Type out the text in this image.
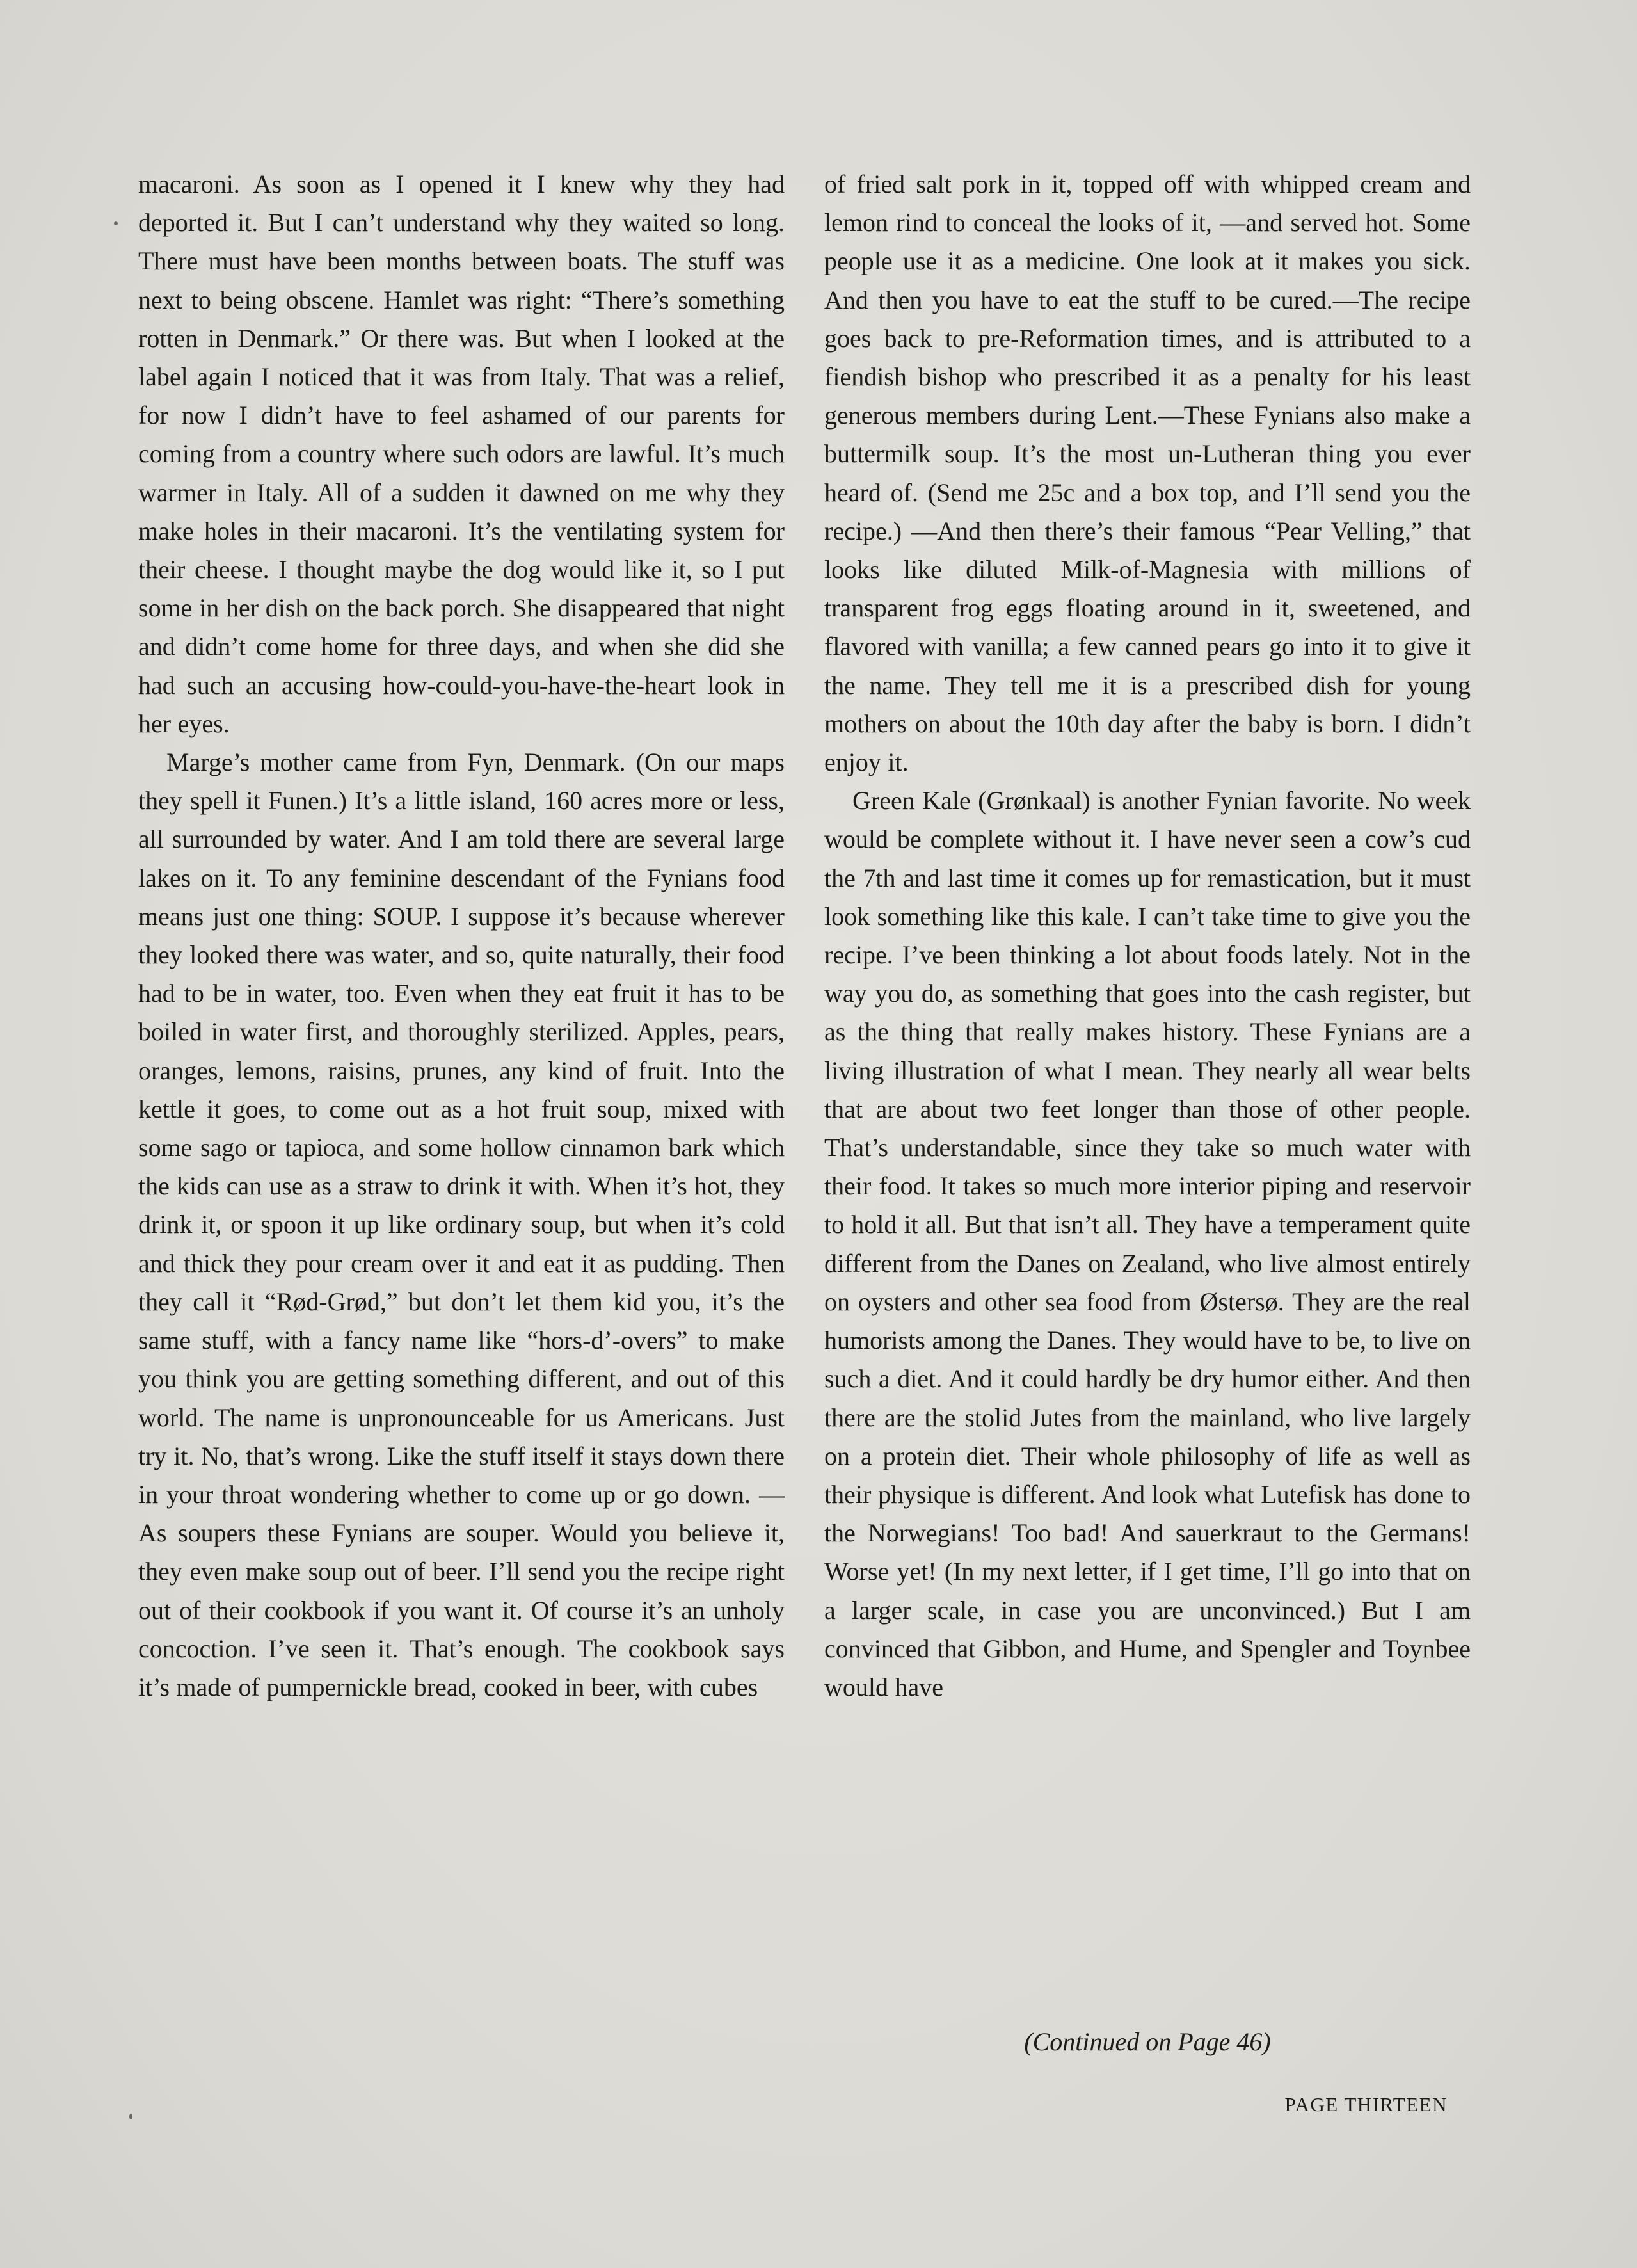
macaroni. As soon as I opened it I knew why they had deported it. But I can’t understand why they waited so long. There must have been months between boats. The stuff was next to being obscene. Hamlet was right: “There’s something rotten in Denmark.” Or there was. But when I looked at the label again I noticed that it was from Italy. That was a relief, for now I didn’t have to feel ashamed of our parents for coming from a country where such odors are lawful. It’s much warmer in Italy. All of a sudden it dawned on me why they make holes in their macaroni. It’s the ventilating system for their cheese. I thought maybe the dog would like it, so I put some in her dish on the back porch. She disappeared that night and didn’t come home for three days, and when she did she had such an accusing how-could-you-have-the-heart look in her eyes.

Marge’s mother came from Fyn, Denmark. (On our maps they spell it Funen.) It’s a little island, 160 acres more or less, all surrounded by water. And I am told there are several large lakes on it. To any feminine descendant of the Fynians food means just one thing: SOUP. I suppose it’s because wherever they looked there was water, and so, quite naturally, their food had to be in water, too. Even when they eat fruit it has to be boiled in water first, and thoroughly sterilized. Apples, pears, oranges, lemons, raisins, prunes, any kind of fruit. Into the kettle it goes, to come out as a hot fruit soup, mixed with some sago or tapioca, and some hollow cinnamon bark which the kids can use as a straw to drink it with. When it’s hot, they drink it, or spoon it up like ordinary soup, but when it’s cold and thick they pour cream over it and eat it as pudding. Then they call it “Rød-Grød,” but don’t let them kid you, it’s the same stuff, with a fancy name like “hors-d’-overs” to make you think you are getting something different, and out of this world. The name is unpronounceable for us Americans. Just try it. No, that’s wrong. Like the stuff itself it stays down there in your throat wondering whether to come up or go down. —As soupers these Fynians are souper. Would you believe it, they even make soup out of beer. I’ll send you the recipe right out of their cookbook if you want it. Of course it’s an unholy concoction. I’ve seen it. That’s enough. The cookbook says it’s made of pumpernickle bread, cooked in beer, with cubes

of fried salt pork in it, topped off with whipped cream and lemon rind to conceal the looks of it, —and served hot. Some people use it as a medicine. One look at it makes you sick. And then you have to eat the stuff to be cured.—The recipe goes back to pre-Reformation times, and is attributed to a fiendish bishop who prescribed it as a penalty for his least generous members during Lent.—These Fynians also make a buttermilk soup. It’s the most un-Lutheran thing you ever heard of. (Send me 25c and a box top, and I’ll send you the recipe.) —And then there’s their famous “Pear Velling,” that looks like diluted Milk-of-Magnesia with millions of transparent frog eggs floating around in it, sweetened, and flavored with vanilla; a few canned pears go into it to give it the name. They tell me it is a prescribed dish for young mothers on about the 10th day after the baby is born. I didn’t enjoy it.

Green Kale (Grønkaal) is another Fynian favorite. No week would be complete without it. I have never seen a cow’s cud the 7th and last time it comes up for remastication, but it must look something like this kale. I can’t take time to give you the recipe. I’ve been thinking a lot about foods lately. Not in the way you do, as something that goes into the cash register, but as the thing that really makes history. These Fynians are a living illustration of what I mean. They nearly all wear belts that are about two feet longer than those of other people. That’s understandable, since they take so much water with their food. It takes so much more interior piping and reservoir to hold it all. But that isn’t all. They have a temperament quite different from the Danes on Zealand, who live almost entirely on oysters and other sea food from Østersø. They are the real humorists among the Danes. They would have to be, to live on such a diet. And it could hardly be dry humor either. And then there are the stolid Jutes from the mainland, who live largely on a protein diet. Their whole philosophy of life as well as their physique is different. And look what Lutefisk has done to the Norwegians! Too bad! And sauerkraut to the Germans! Worse yet! (In my next letter, if I get time, I’ll go into that on a larger scale, in case you are unconvinced.) But I am convinced that Gibbon, and Hume, and Spengler and Toynbee would have

(Continued on Page 46)
PAGE THIRTEEN
